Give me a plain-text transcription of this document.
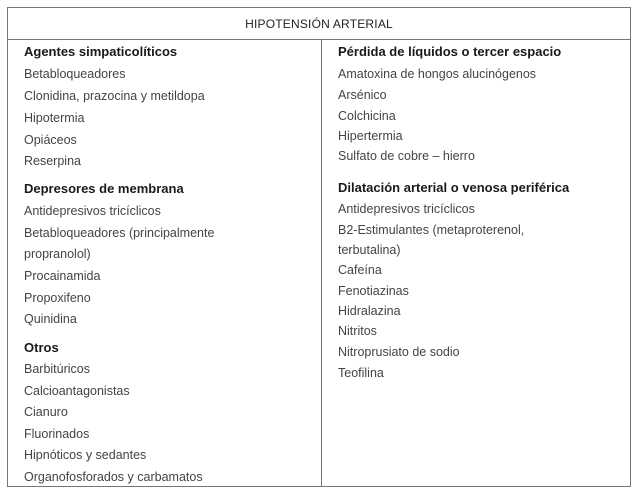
HIPOTENSIÓN ARTERIAL
Agentes simpaticolíticos
Betabloqueadores
Clonidina, prazocina y metildopa
Hipotermia
Opiáceos
Reserpina
Depresores de membrana
Antidepresivos tricíclicos
Betabloqueadores (principalmente
propranolol)
Procainamida
Propoxifeno
Quinidina
Otros
Barbitúricos
Calcioantagonistas
Cianuro
Fluorinados
Hipnóticos y sedantes
Organofosforados y carbamatos
Pérdida de líquidos o tercer espacio
Amatoxina de hongos alucinógenos
Arsénico
Colchicina
Hipertermia
Sulfato de cobre – hierro
Dilatación arterial o venosa periférica
Antidepresivos tricíclicos
B2-Estimulantes (metaproterenol,
terbutalina)
Cafeína
Fenotiazinas
Hidralazina
Nitritos
Nitroprusiato de sodio
Teofilina
